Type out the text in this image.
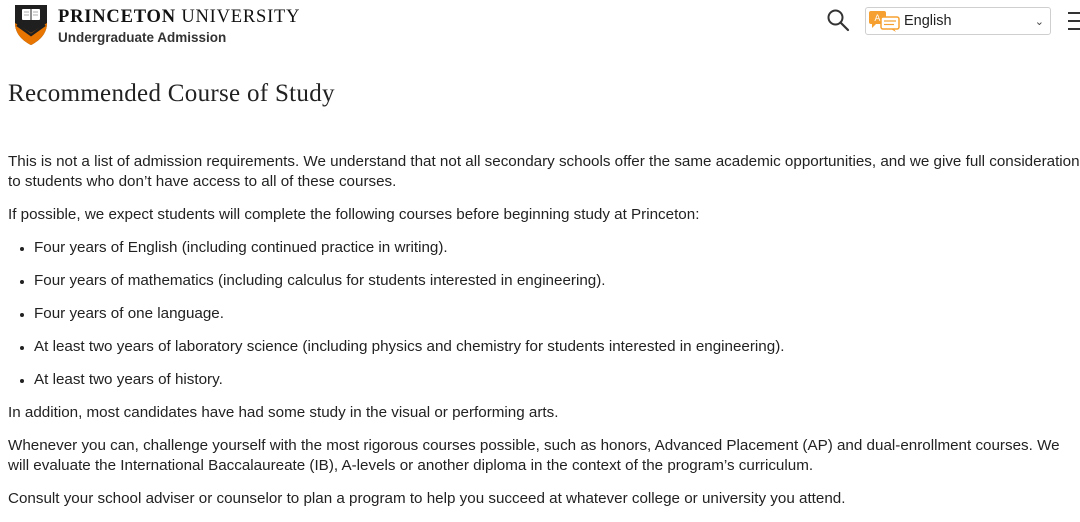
PRINCETON UNIVERSITY
Undergraduate Admission
A English	⌄
Recommended Course of Study

This is not a list of admission requirements. We understand that not all secondary schools offer the same academic opportunities, and we give full consideration to students who don’t have access to all of these courses.

If possible, we expect students will complete the following courses before beginning study at Princeton:

• Four years of English (including continued practice in writing).
• Four years of mathematics (including calculus for students interested in engineering).
• Four years of one language.
• At least two years of laboratory science (including physics and chemistry for students interested in engineering).
• At least two years of history.

In addition, most candidates have had some study in the visual or performing arts.

Whenever you can, challenge yourself with the most rigorous courses possible, such as honors, Advanced Placement (AP) and dual-enrollment courses. We will evaluate the International Baccalaureate (IB), A-levels or another diploma in the context of the program’s curriculum.

Consult your school adviser or counselor to plan a program to help you succeed at whatever college or university you attend.
